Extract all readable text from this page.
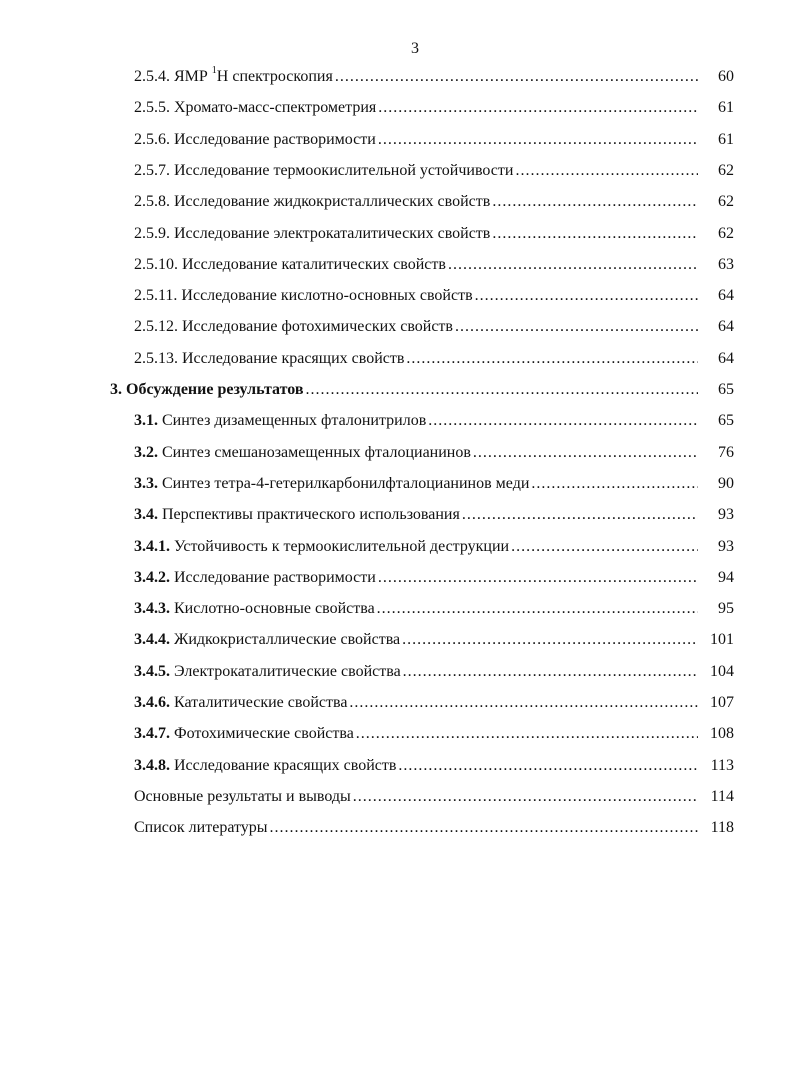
3
2.5.4. ЯМР $^1$Н спектроскопия .....	60
2.5.5. Хромато-масс-спектрометрия .....	61
2.5.6. Исследование растворимости .....	61
2.5.7. Исследование термоокислительной устойчивости .....	62
2.5.8. Исследование жидкокристаллических свойств .....	62
2.5.9. Исследование электрокаталитических свойств .....	62
2.5.10. Исследование каталитических свойств .....	63
2.5.11. Исследование кислотно-основных свойств .....	64
2.5.12. Исследование фотохимических свойств .....	64
2.5.13. Исследование красящих свойств .....	64
3. Обсуждение результатов .....	65
3.1. Синтез дизамещенных фталонитрилов .....	65
3.2. Синтез смешанозамещенных фталоцианинов .....	76
3.3. Синтез тетра-4-гетерилкарбонилфталоцианинов меди .....	90
3.4. Перспективы практического использования .....	93
3.4.1. Устойчивость к термоокислительной деструкции .....	93
3.4.2. Исследование растворимости .....	94
3.4.3. Кислотно-основные свойства .....	95
3.4.4. Жидкокристаллические свойства .....	101
3.4.5. Электрокаталитические свойства .....	104
3.4.6. Каталитические свойства .....	107
3.4.7. Фотохимические свойства .....	108
3.4.8. Исследование красящих свойств .....	113
Основные результаты и выводы .....	114
Список литературы .....	118
